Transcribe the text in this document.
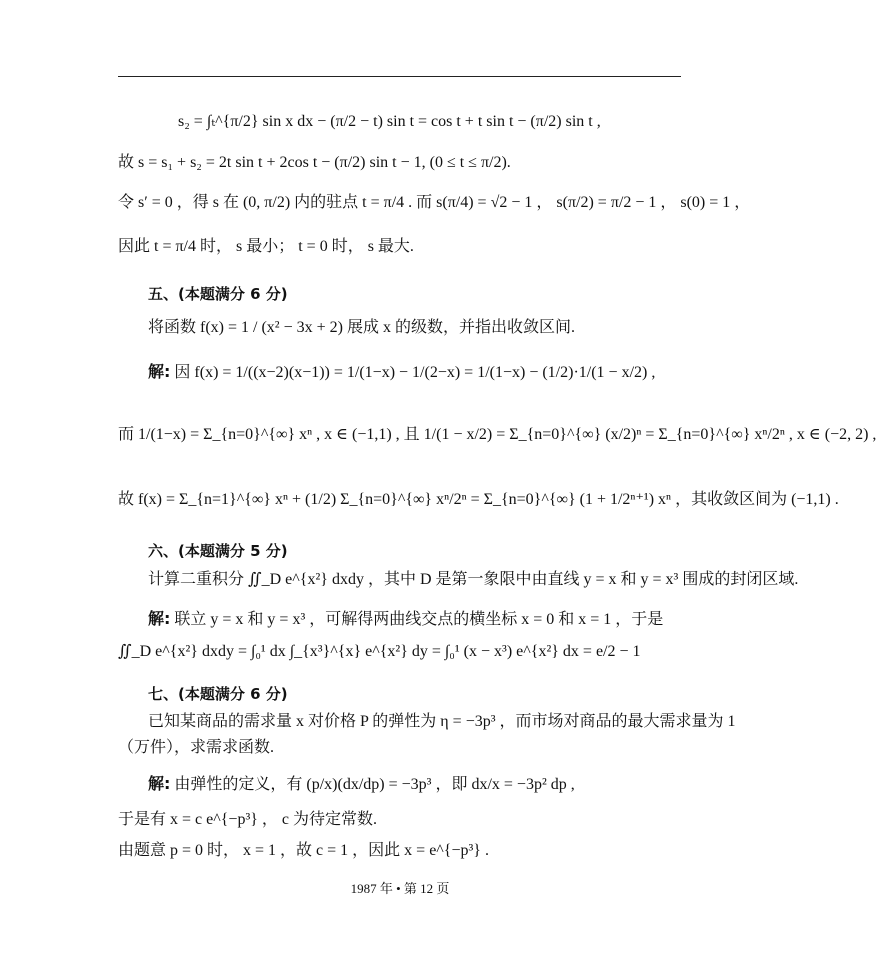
s₂ = ∫ₜ^{π/2} sin x dx − (π/2 − t) sin t = cos t + t sin t − (π/2) sin t ,
故 s = s₁ + s₂ = 2t sin t + 2cos t − (π/2) sin t − 1, (0 ≤ t ≤ π/2).
令 s′ = 0 ，得 s 在 (0, π/2) 内的驻点 t = π/4 . 而 s(π/4) = √2 − 1 ， s(π/2) = π/2 − 1 ， s(0) = 1 ，
因此 t = π/4 时， s 最小； t = 0 时， s 最大.
五、(本题满分 6 分)
将函数 f(x) = 1 / (x² − 3x + 2) 展成 x 的级数，并指出收敛区间.
解: 因 f(x) = 1/((x−2)(x−1)) = 1/(1−x) − 1/(2−x) = 1/(1−x) − (1/2)·1/(1 − x/2) ,
而 1/(1−x) = Σ_{n=0}^{∞} xⁿ , x ∈ (−1,1) , 且 1/(1 − x/2) = Σ_{n=0}^{∞} (x/2)ⁿ = Σ_{n=0}^{∞} xⁿ/2ⁿ , x ∈ (−2, 2) ,
故 f(x) = Σ_{n=1}^{∞} xⁿ + (1/2) Σ_{n=0}^{∞} xⁿ/2ⁿ = Σ_{n=0}^{∞} (1 + 1/2ⁿ⁺¹) xⁿ ，其收敛区间为 (−1,1) .
六、(本题满分 5 分)
计算二重积分 ∬_D e^{x²} dxdy ，其中 D 是第一象限中由直线 y = x 和 y = x³ 围成的封闭区域.
解: 联立 y = x 和 y = x³ ，可解得两曲线交点的横坐标 x = 0 和 x = 1 ，于是
∬_D e^{x²} dxdy = ∫₀¹ dx ∫_{x³}^{x} e^{x²} dy = ∫₀¹ (x − x³) e^{x²} dx = e/2 − 1
七、(本题满分 6 分)
已知某商品的需求量 x 对价格 P 的弹性为 η = −3p³ ，而市场对商品的最大需求量为 1
（万件），求需求函数.
解: 由弹性的定义，有 (p/x)(dx/dp) = −3p³ ，即 dx/x = −3p² dp ,
于是有 x = c e^{−p³} ， c 为待定常数.
由题意 p = 0 时， x = 1 ，故 c = 1 ，因此 x = e^{−p³} .
1987 年 • 第 12 页
